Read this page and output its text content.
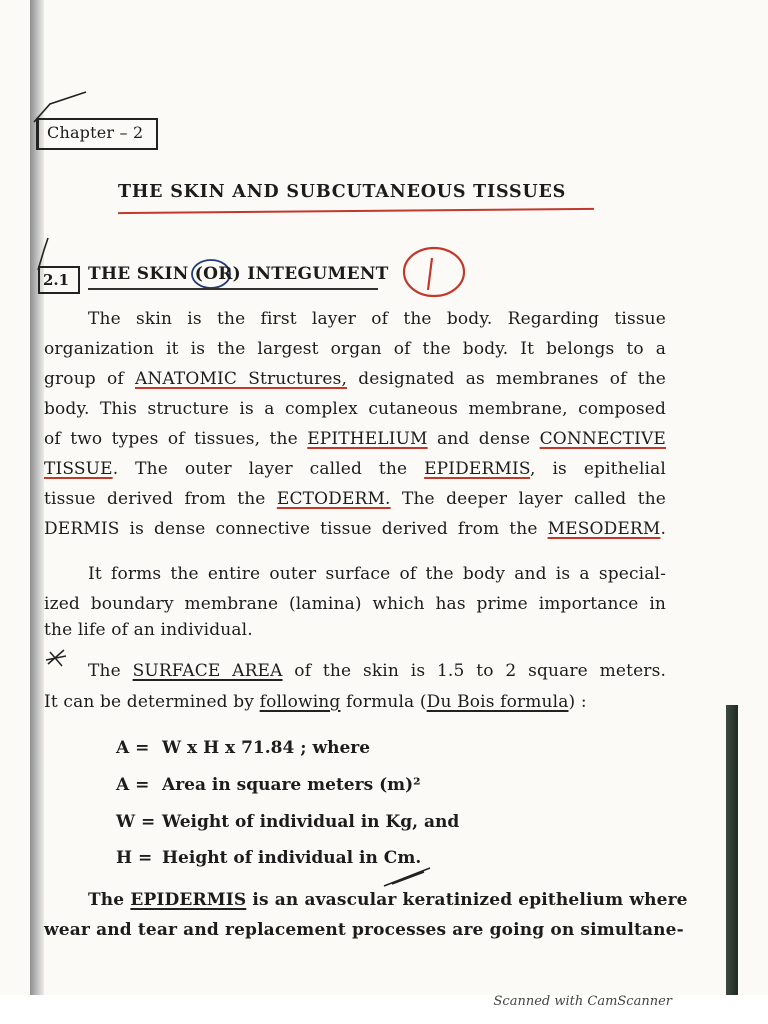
Chapter – 2
THE SKIN AND SUBCUTANEOUS TISSUES
2.1	THE SKIN (OR) INTEGUMENT
The skin is the first layer of the body. Regarding tissue
organization it is the largest organ of the body. It belongs to a
group of ANATOMIC Structures, designated as membranes of the
body. This structure is a complex cutaneous membrane, composed
of two types of tissues, the EPITHELIUM and dense CONNECTIVE
TISSUE. The outer layer called the EPIDERMIS, is epithelial
tissue derived from the ECTODERM. The deeper layer called the
DERMIS is dense connective tissue derived from the MESODERM.
It forms the entire outer surface of the body and is a special-
ized boundary membrane (lamina) which has prime importance in
the life of an individual.
The SURFACE AREA of the skin is 1.5 to 2 square meters.
It can be determined by following formula (Du Bois formula) :
A = W x H x 71.84 ; where
A = Area in square meters (m)²
W = Weight of individual in Kg, and
H = Height of individual in Cm.
The EPIDERMIS is an avascular keratinized epithelium where
wear and tear and replacement processes are going on simultane-
Scanned with CamScanner
